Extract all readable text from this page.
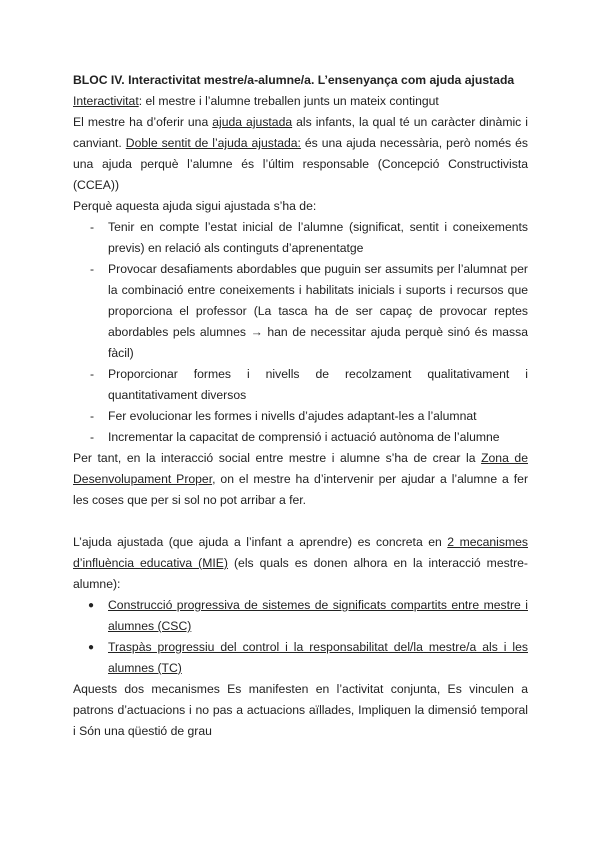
BLOC IV. Interactivitat mestre/a-alumne/a. L’ensenyança com ajuda ajustada

Interactivitat: el mestre i l’alumne treballen junts un mateix contingut

El mestre ha d’oferir una ajuda ajustada als infants, la qual té un caràcter dinàmic i canviant. Doble sentit de l’ajuda ajustada: és una ajuda necessària, però només és una ajuda perquè l’alumne és l’últim responsable (Concepció Constructivista (CCEA))

Perquè aquesta ajuda sigui ajustada s’ha de:

- Tenir en compte l’estat inicial de l’alumne (significat, sentit i coneixements previs) en relació als continguts d’aprenentatge
- Provocar desafiaments abordables que puguin ser assumits per l’alumnat per la combinació entre coneixements i habilitats inicials i suports i recursos que proporciona el professor (La tasca ha de ser capaç de provocar reptes abordables pels alumnes → han de necessitar ajuda perquè sinó és massa fàcil)
- Proporcionar formes i nivells de recolzament qualitativament i quantitativament diversos
- Fer evolucionar les formes i nivells d’ajudes adaptant-les a l’alumnat
- Incrementar la capacitat de comprensió i actuació autònoma de l’alumne

Per tant, en la interacció social entre mestre i alumne s’ha de crear la Zona de Desenvolupament Proper, on el mestre ha d’intervenir per ajudar a l’alumne a fer les coses que per si sol no pot arribar a fer.

L’ajuda ajustada (que ajuda a l’infant a aprendre) es concreta en 2 mecanismes d’influència educativa (MIE) (els quals es donen alhora en la interacció mestre-alumne):

● Construcció progressiva de sistemes de significats compartits entre mestre i alumnes (CSC)
● Traspàs progressiu del control i la responsabilitat del/la mestre/a als i les alumnes (TC)

Aquests dos mecanismes Es manifesten en l’activitat conjunta, Es vinculen a patrons d’actuacions i no pas a actuacions aïllades, Impliquen la dimensió temporal i Són una qüestió de grau
